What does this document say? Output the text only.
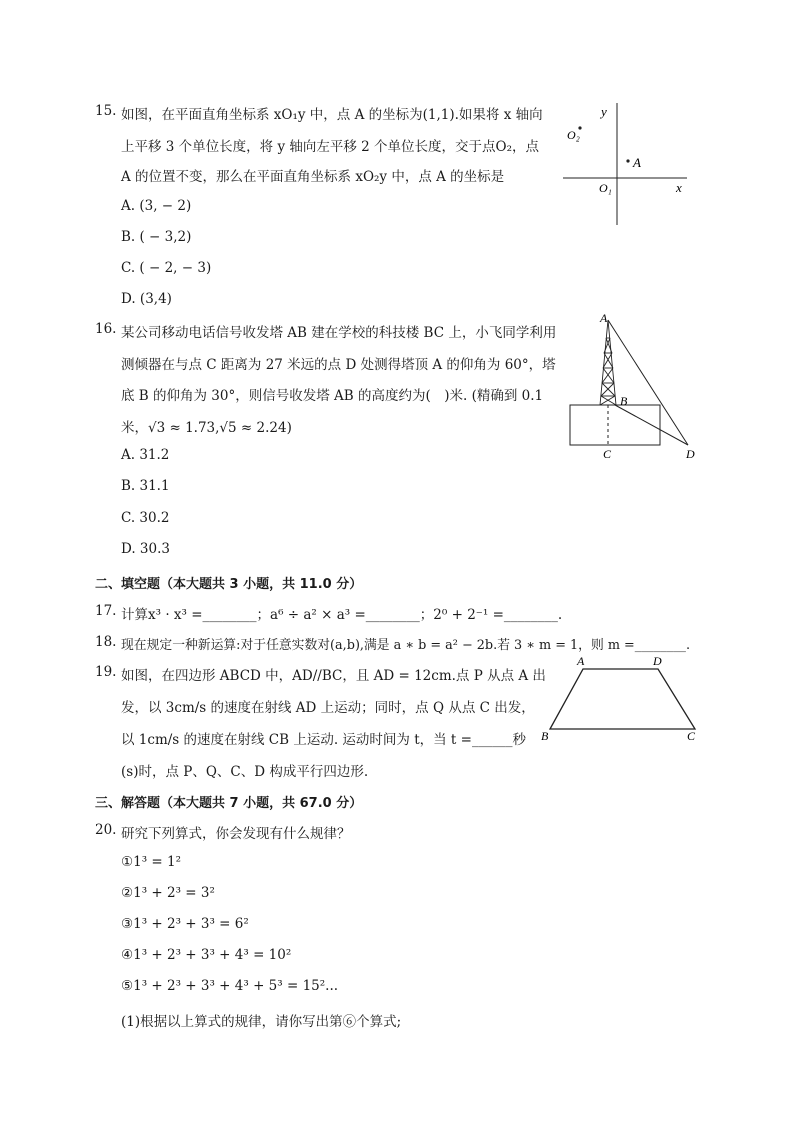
15. 如图，在平面直角坐标系 xO₁y 中，点 A 的坐标为(1,1).如果将 x 轴向
上平移 3 个单位长度，将 y 轴向左平移 2 个单位长度，交于点O₂，点
A 的位置不变，那么在平面直角坐标系 xO₂y 中，点 A 的坐标是
A. (3, − 2)
B. ( − 3,2)
C. ( − 2, − 3)
D. (3,4)
y
x
O₂
A
O₁
16. 某公司移动电话信号收发塔 AB 建在学校的科技楼 BC 上，小飞同学利用
测倾器在与点 C 距离为 27 米远的点 D 处测得塔顶 A 的仰角为 60°，塔
底 B 的仰角为 30°，则信号收发塔 AB 的高度约为(　)米. (精确到 0.1
米，√3 ≈ 1.73,√5 ≈ 2.24)
A. 31.2
B. 31.1
C. 30.2
D. 30.3
A
B
C	D
二、填空题（本大题共 3 小题，共 11.0 分）
17. 计算x³ · x³ =________；a⁶ ÷ a² × a³ =________；2⁰ + 2⁻¹ =________.
18. 现在规定一种新运算:对于任意实数对(a,b),满是 a ∗ b = a² − 2b.若 3 ∗ m = 1，则 m =________.
19. 如图，在四边形 ABCD 中，AD//BC，且 AD = 12cm.点 P 从点 A 出
发，以 3cm/s 的速度在射线 AD 上运动；同时，点 Q 从点 C 出发，
以 1cm/s 的速度在射线 CB 上运动. 运动时间为 t，当 t =______秒
(s)时，点 P、Q、C、D 构成平行四边形.
A	D
B	C
三、解答题（本大题共 7 小题，共 67.0 分）
20. 研究下列算式，你会发现有什么规律？
①1³ = 1²
②1³ + 2³ = 3²
③1³ + 2³ + 3³ = 6²
④1³ + 2³ + 3³ + 4³ = 10²
⑤1³ + 2³ + 3³ + 4³ + 5³ = 15²...
(1)根据以上算式的规律，请你写出第⑥个算式;
